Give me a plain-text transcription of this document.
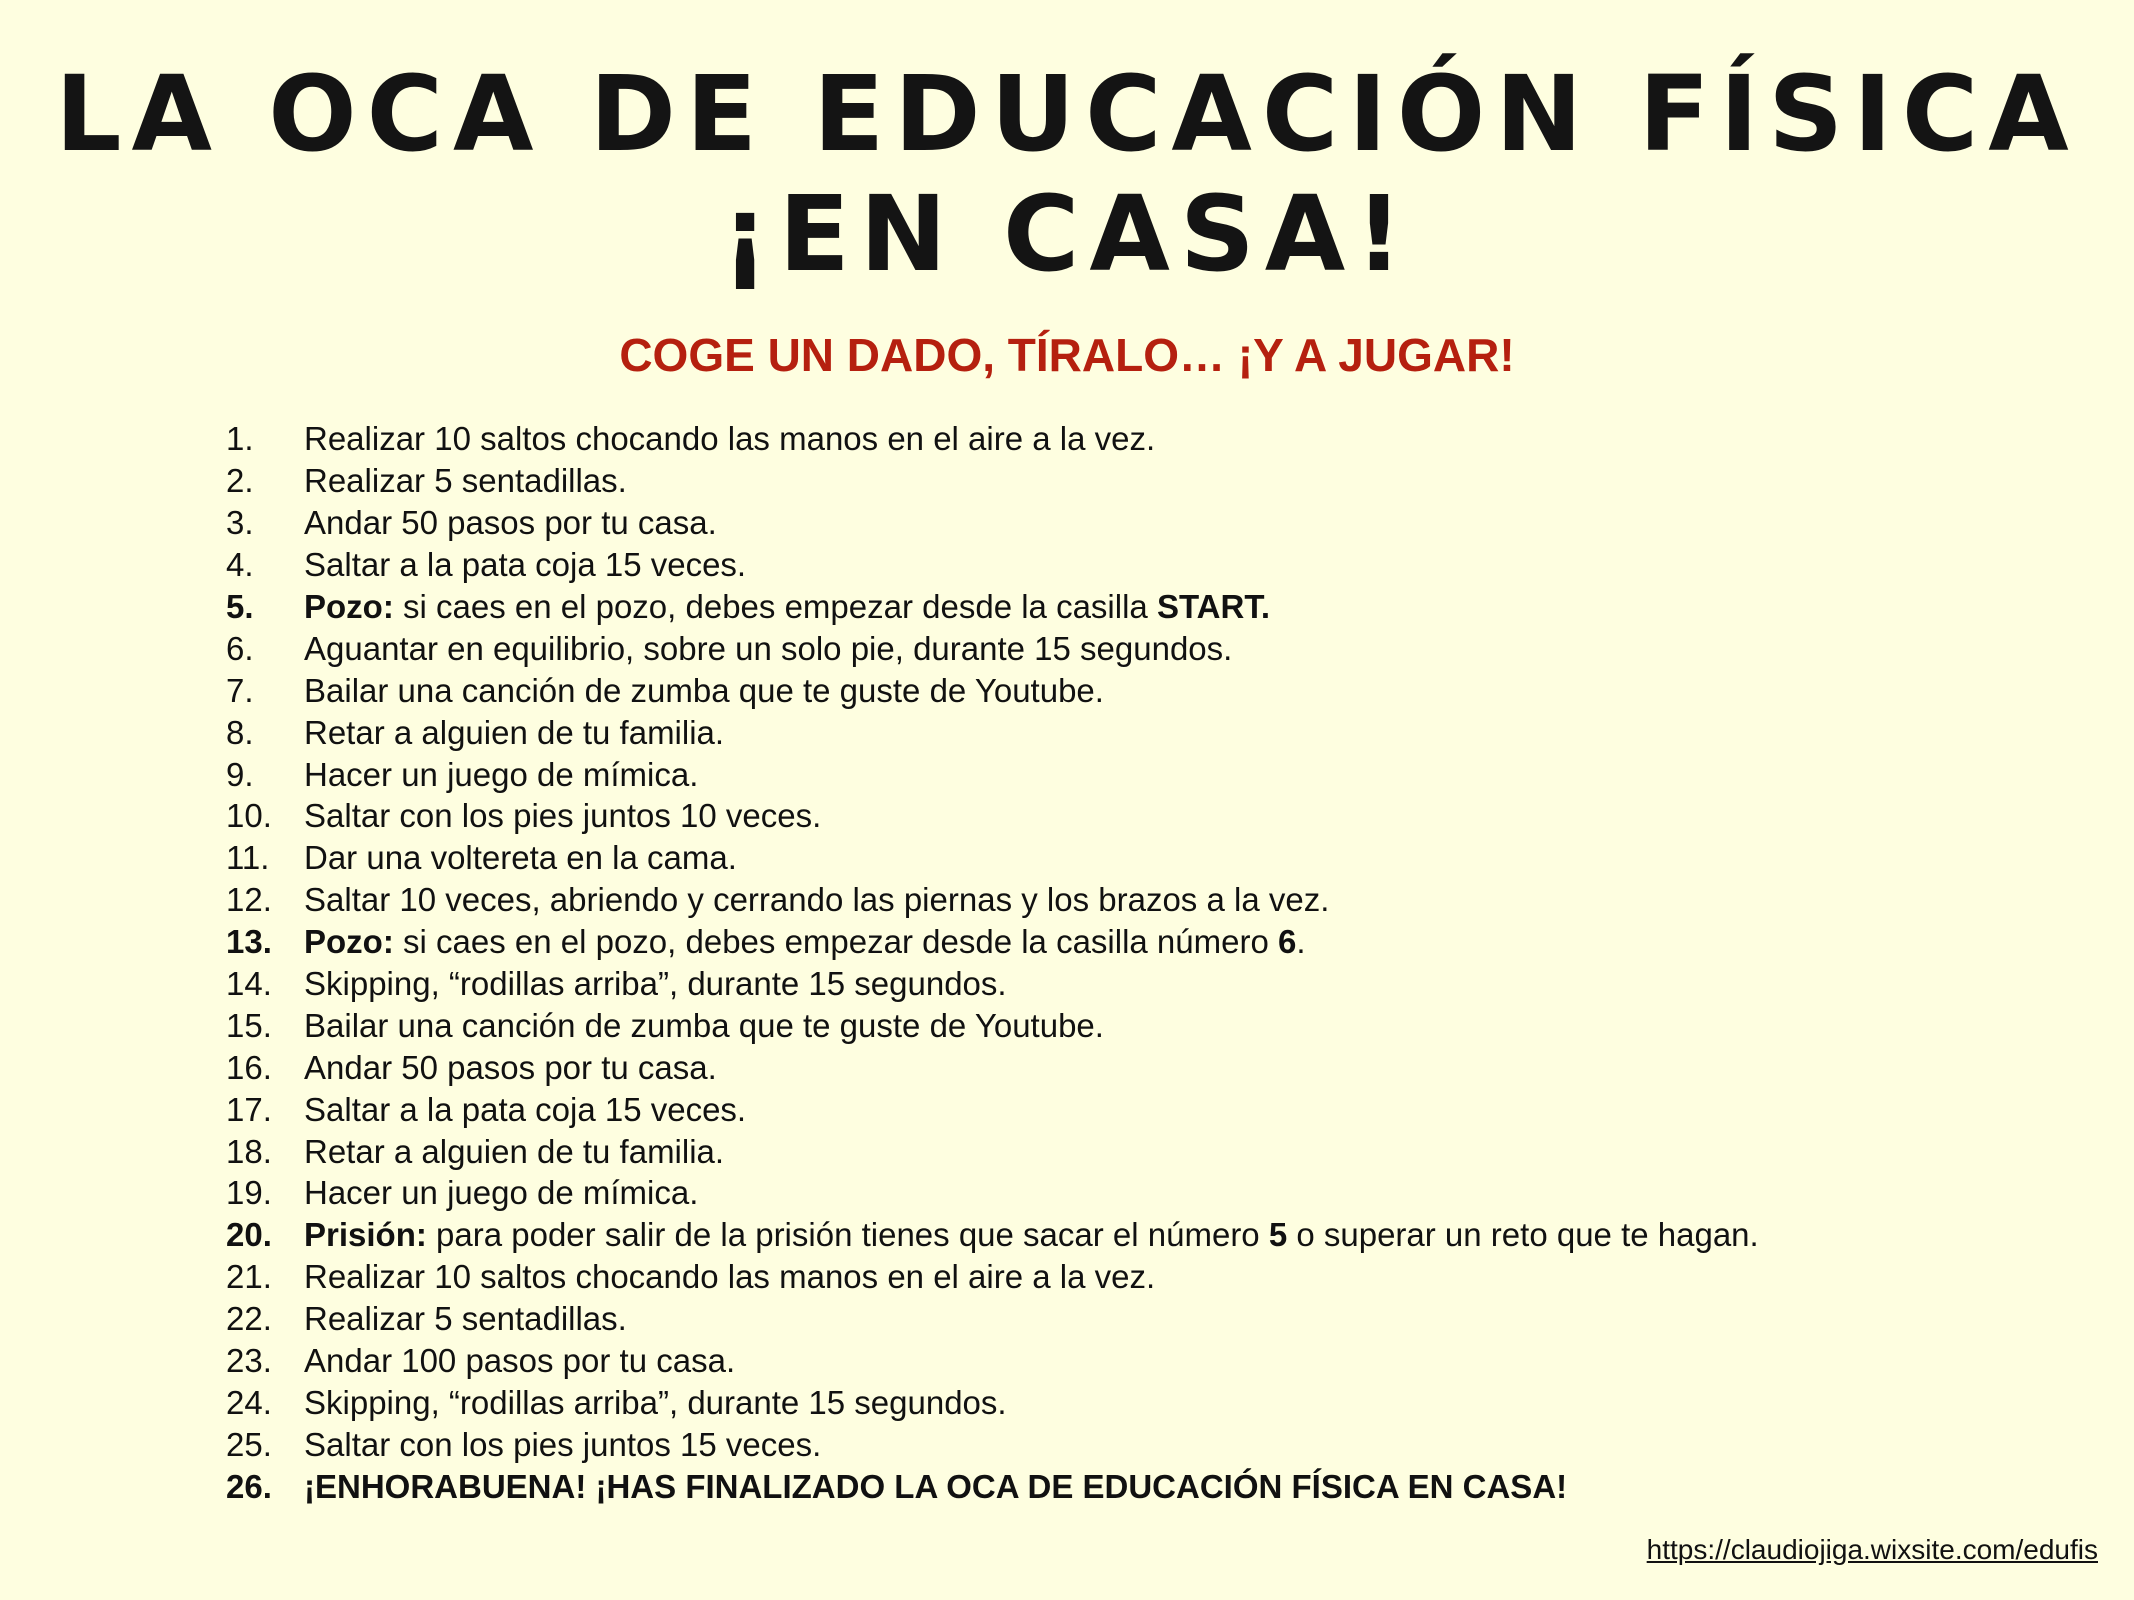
LA OCA DE EDUCACIÓN FÍSICA
¡EN CASA!
COGE UN DADO, TÍRALO… ¡Y A JUGAR!
1.	Realizar 10 saltos chocando las manos en el aire a la vez.
2.	Realizar 5 sentadillas.
3.	Andar 50 pasos por tu casa.
4.	Saltar a la pata coja 15 veces.
5.	Pozo: si caes en el pozo, debes empezar desde la casilla START.
6.	Aguantar en equilibrio, sobre un solo pie, durante 15 segundos.
7.	Bailar una canción de zumba que te guste de Youtube.
8.	Retar a alguien de tu familia.
9.	Hacer un juego de mímica.
10. Saltar con los pies juntos 10 veces.
11.	Dar una voltereta en la cama.
12. Saltar 10 veces, abriendo y cerrando las piernas y los brazos a la vez.
13. Pozo: si caes en el pozo, debes empezar desde la casilla número 6.
14. Skipping, “rodillas arriba”, durante 15 segundos.
15. Bailar una canción de zumba que te guste de Youtube.
16. Andar 50 pasos por tu casa.
17. Saltar a la pata coja 15 veces.
18. Retar a alguien de tu familia.
19. Hacer un juego de mímica.
20. Prisión: para poder salir de la prisión tienes que sacar el número 5 o superar un reto que te hagan.
21. Realizar 10 saltos chocando las manos en el aire a la vez.
22. Realizar 5 sentadillas.
23. Andar 100 pasos por tu casa.
24. Skipping, “rodillas arriba”, durante 15 segundos.
25. Saltar con los pies juntos 15 veces.
26. ¡ENHORABUENA! ¡HAS FINALIZADO LA OCA DE EDUCACIÓN FÍSICA EN CASA!
https://claudiojiga.wixsite.com/edufis
